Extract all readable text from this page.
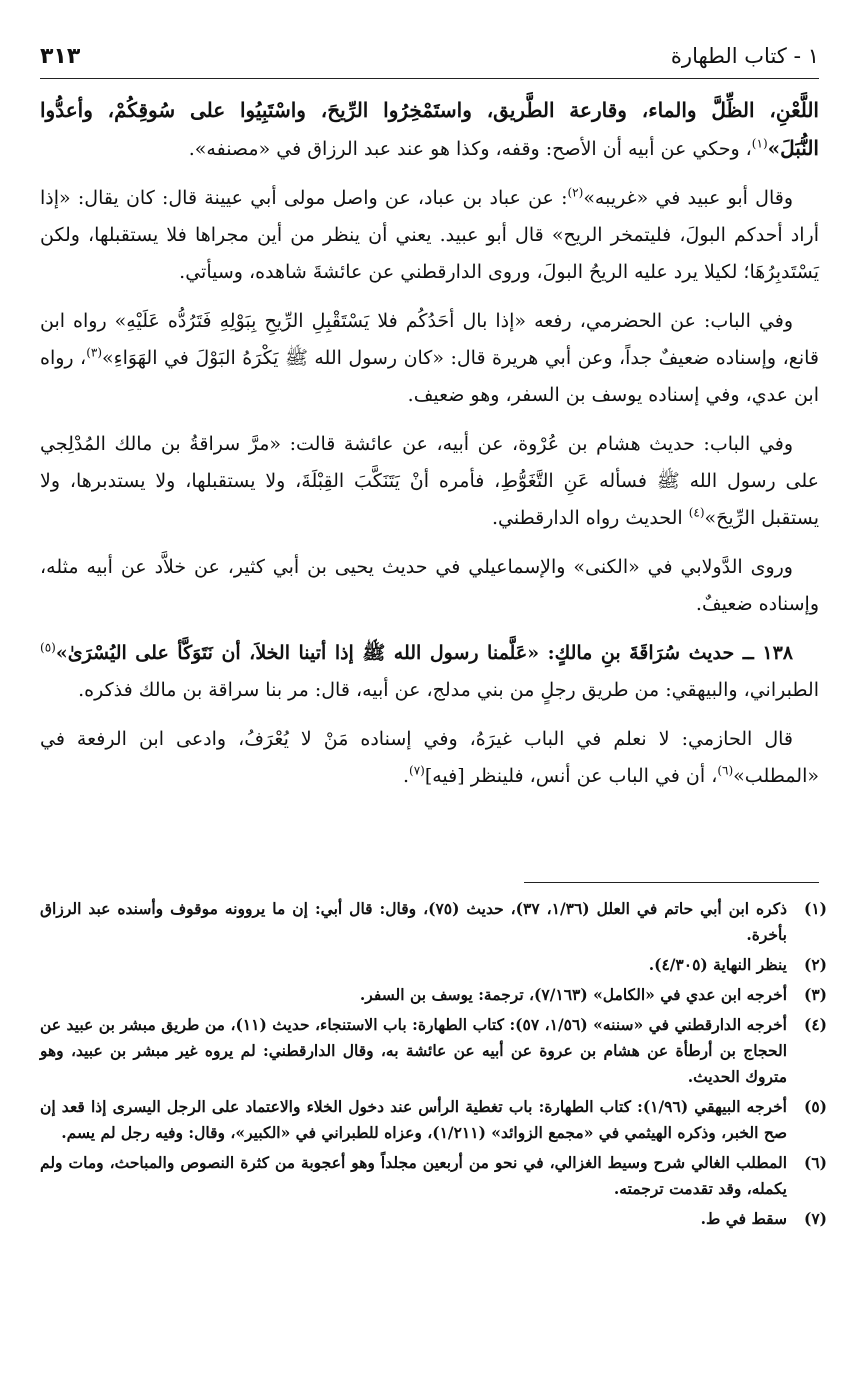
١ - كتاب الطهارة
٣١٣

اللَّعْنِ، الظِّلَّ والماء، وقارعة الطَّريق، واستَمْخِرُوا الرِّيحَ، واسْتَبِيُوا على سُوقِكُمْ، وأعدُّوا النُّبَلَ»$^{(١)}$، وحكي عن أبيه أن الأصح: وقفه، وكذا هو عند عبد الرزاق في «مصنفه».

وقال أبو عبيد في «غريبه»$^{(٢)}$: عن عباد بن عباد، عن واصل مولى أبي عيينة قال: كان يقال: «إذا أراد أحدكم البولَ، فليتمخر الريح» قال أبو عبيد. يعني أن ينظر من أين مجراها فلا يستقبلها، ولكن يَسْتَدبِرُهَا؛ لكيلا يرد عليه الريحُ البولَ، وروى الدارقطني عن عائشةَ شاهده، وسيأتي.

وفي الباب: عن الحضرمي، رفعه «إذا بال أحَدُكُم فلا يَسْتَقْبِلِ الرِّيحِ بِبَوْلِهِ فَتَرُدُّه عَلَيْهِ» رواه ابن قانع، وإسناده ضعيفٌ جداً، وعن أبي هريرة قال: «كان رسول الله ﷺ يَكْرَهُ البَوْلَ في الهَوَاءِ»$^{(٣)}$، رواه ابن عدي، وفي إسناده يوسف بن السفر، وهو ضعيف.

وفي الباب: حديث هشام بن عُرْوة، عن أبيه، عن عائشة قالت: «مرَّ سراقةُ بن مالك المُدْلِجي على رسول الله ﷺ فسأله عَنِ التَّغَوُّطِ، فأمره أنْ يَتَنَكَّبَ القِبْلَةَ، ولا يستقبلها، ولا يستدبرها، ولا يستقبل الرِّيحَ»$^{(٤)}$ الحديث رواه الدارقطني.

وروى الدَّولابي في «الكنى» والإسماعيلي في حديث يحيى بن أبي كثير، عن خلاَّد عن أبيه مثله، وإسناده ضعيفٌ.

١٣٨ ــ حديث سُرَاقَةَ بنِ مالكٍ: «عَلَّمنا رسول الله ﷺ إذا أتينا الخلاَ، أن نَتَوَكَّأ على اليُسْرَىٰ»$^{(٥)}$ الطبراني، والبيهقي: من طريق رجلٍ من بني مدلج، عن أبيه، قال: مر بنا سراقة بن مالك فذكره.

قال الحازمي: لا نعلم في الباب غيرَهُ، وفي إسناده مَنْ لا يُعْرَفُ، وادعى ابن الرفعة في «المطلب»$^{(٦)}$، أن في الباب عن أنس، فلينظر [فيه]$^{(٧)}$.

(١)
ذكره ابن أبي حاتم في العلل (١/٣٦، ٣٧)، حديث (٧٥)، وقال: قال أبي: إن ما يروونه موقوف وأسنده عبد الرزاق بأخرة.
(٢)
ينظر النهاية (٤/٣٠٥).
(٣)
أخرجه ابن عدي في «الكامل» (٧/١٦٣)، ترجمة: يوسف بن السفر.
(٤)
أخرجه الدارقطني في «سننه» (١/٥٦، ٥٧): كتاب الطهارة: باب الاستنجاء، حديث (١١)، من طريق مبشر بن عبيد عن الحجاج بن أرطأة عن هشام بن عروة عن أبيه عن عائشة به، وقال الدارقطني: لم يروه غير مبشر بن عبيد، وهو متروك الحديث.
(٥)
أخرجه البيهقي (١/٩٦): كتاب الطهارة: باب تغطية الرأس عند دخول الخلاء والاعتماد على الرجل اليسرى إذا قعد إن صح الخبر، وذكره الهيثمي في «مجمع الزوائد» (١/٢١١)، وعزاه للطبراني في «الكبير»، وقال: وفيه رجل لم يسم.
(٦)
المطلب الغالي شرح وسيط الغزالي، في نحو من أربعين مجلداً وهو أعجوبة من كثرة النصوص والمباحث، ومات ولم يكمله، وقد تقدمت ترجمته.
(٧)
سقط في ط.
